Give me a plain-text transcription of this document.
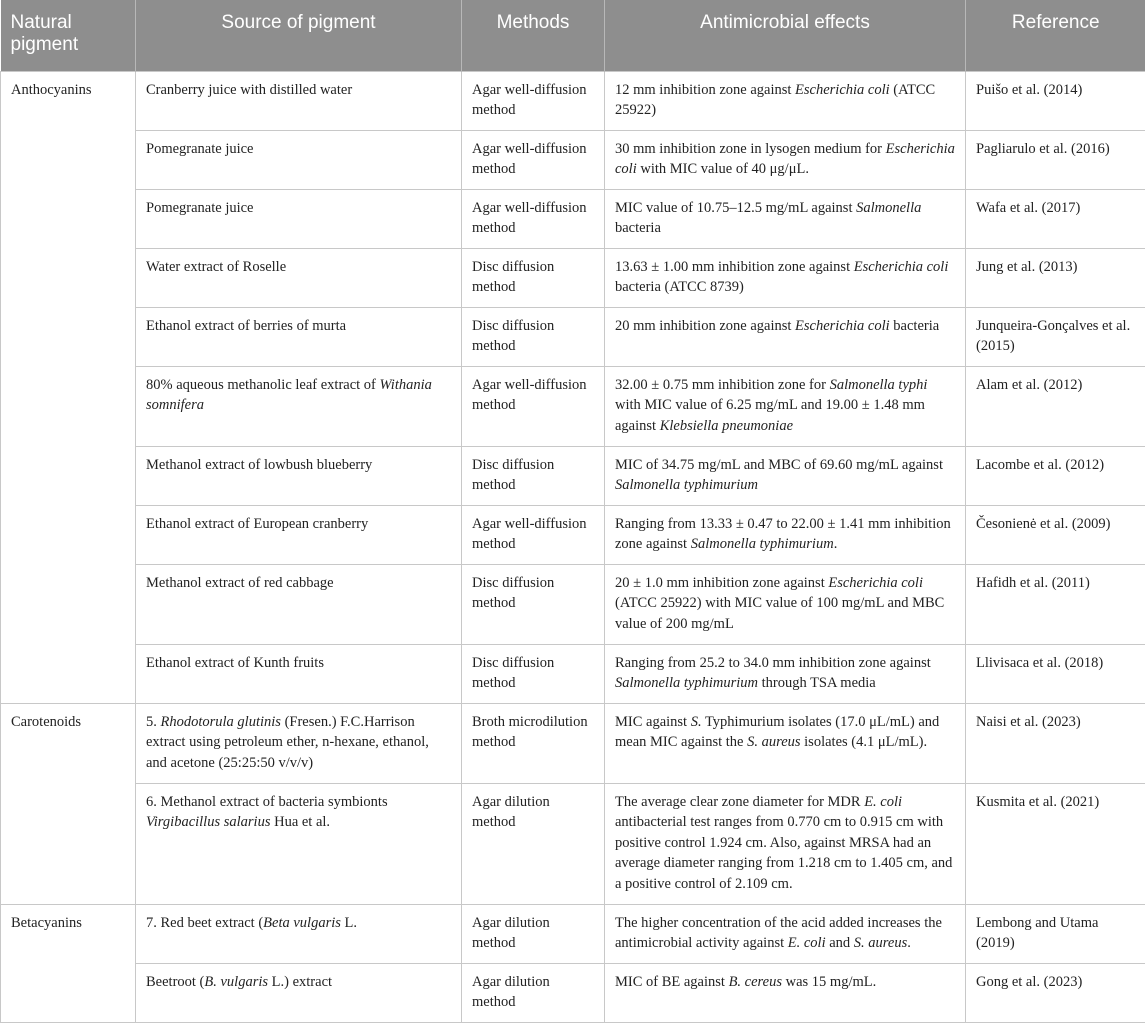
Natural pigment	Source of pigment	Methods	Antimicrobial effects	Reference
Anthocyanins	Cranberry juice with distilled water	Agar well-diffusion method	12 mm inhibition zone against Escherichia coli (ATCC 25922)	Puišo et al. (2014)
	Pomegranate juice	Agar well-diffusion method	30 mm inhibition zone in lysogen medium for Escherichia coli with MIC value of 40 μg/μL.	Pagliarulo et al. (2016)
	Pomegranate juice	Agar well-diffusion method	MIC value of 10.75–12.5 mg/mL against Salmonella bacteria	Wafa et al. (2017)
	Water extract of Roselle	Disc diffusion method	13.63 ± 1.00 mm inhibition zone against Escherichia coli bacteria (ATCC 8739)	Jung et al. (2013)
	Ethanol extract of berries of murta	Disc diffusion method	20 mm inhibition zone against Escherichia coli bacteria	Junqueira-Gonçalves et al. (2015)
	80% aqueous methanolic leaf extract of Withania somnifera	Agar well-diffusion method	32.00 ± 0.75 mm inhibition zone for Salmonella typhi with MIC value of 6.25 mg/mL and 19.00 ± 1.48 mm against Klebsiella pneumoniae	Alam et al. (2012)
	Methanol extract of lowbush blueberry	Disc diffusion method	MIC of 34.75 mg/mL and MBC of 69.60 mg/mL against Salmonella typhimurium	Lacombe et al. (2012)
	Ethanol extract of European cranberry	Agar well-diffusion method	Ranging from 13.33 ± 0.47 to 22.00 ± 1.41 mm inhibition zone against Salmonella typhimurium.	Česonienė et al. (2009)
	Methanol extract of red cabbage	Disc diffusion method	20 ± 1.0 mm inhibition zone against Escherichia coli (ATCC 25922) with MIC value of 100 mg/mL and MBC value of 200 mg/mL	Hafidh et al. (2011)
	Ethanol extract of Kunth fruits	Disc diffusion method	Ranging from 25.2 to 34.0 mm inhibition zone against Salmonella typhimurium through TSA media	Llivisaca et al. (2018)
Carotenoids	5. Rhodotorula glutinis (Fresen.) F.C.Harrison extract using petroleum ether, n-hexane, ethanol, and acetone (25:25:50 v/v/v)	Broth microdilution method	MIC against S. Typhimurium isolates (17.0 μL/mL) and mean MIC against the S. aureus isolates (4.1 μL/mL).	Naisi et al. (2023)
	6. Methanol extract of bacteria symbionts Virgibacillus salarius Hua et al.	Agar dilution method	The average clear zone diameter for MDR E. coli antibacterial test ranges from 0.770 cm to 0.915 cm with positive control 1.924 cm. Also, against MRSA had an average diameter ranging from 1.218 cm to 1.405 cm, and a positive control of 2.109 cm.	Kusmita et al. (2021)
Betacyanins	7. Red beet extract (Beta vulgaris L.	Agar dilution method	The higher concentration of the acid added increases the antimicrobial activity against E. coli and S. aureus.	Lembong and Utama (2019)
	Beetroot (B. vulgaris L.) extract	Agar dilution method	MIC of BE against B. cereus was 15 mg/mL.	Gong et al. (2023)
